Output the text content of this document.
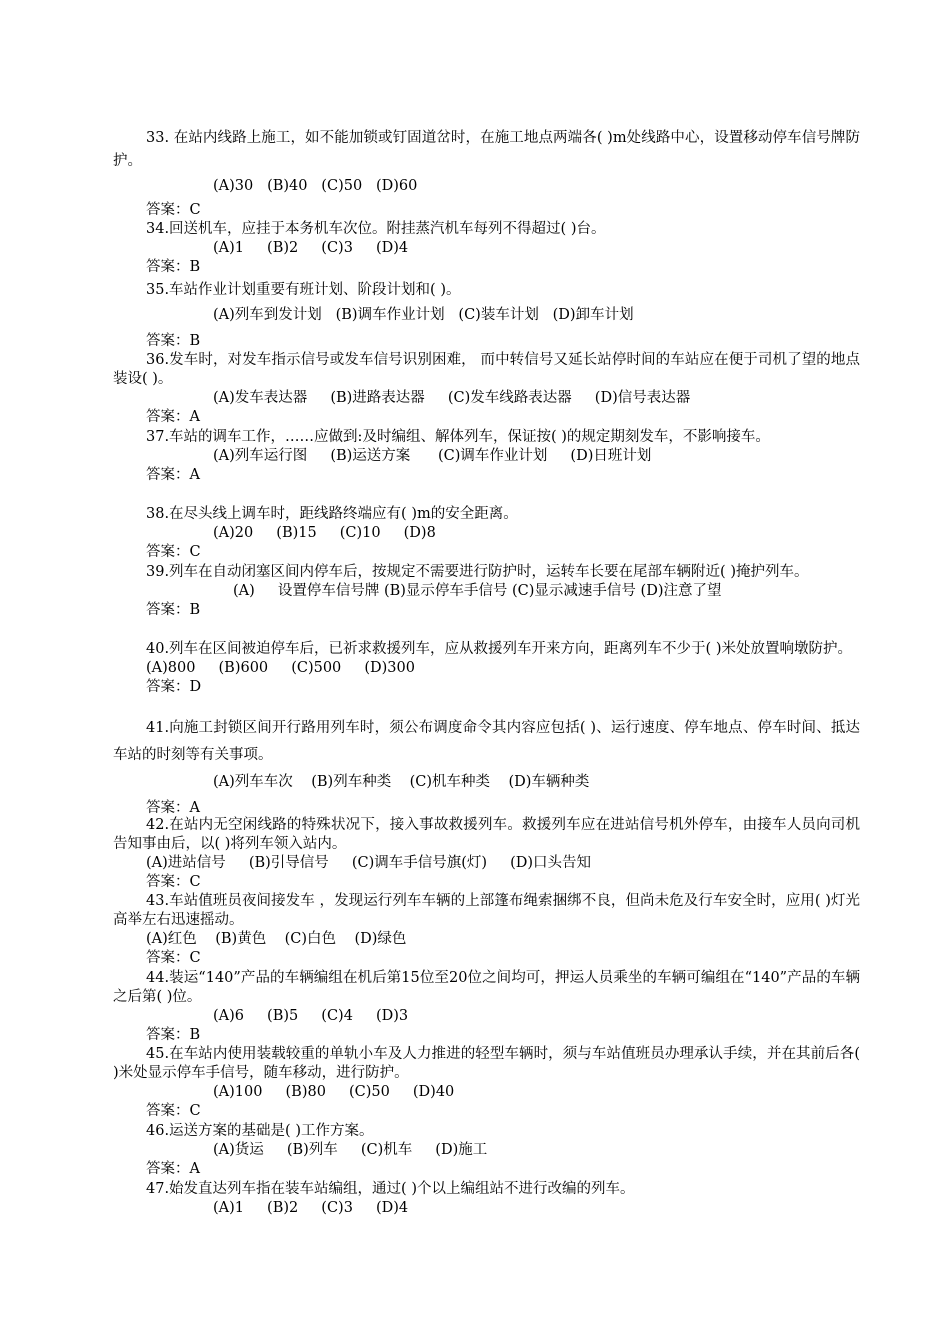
33. 在站内线路上施工，如不能加锁或钉固道岔时，在施工地点两端各( )m处线路中心，设置移动停车信号牌防护。

(A)30   (B)40   (C)50   (D)60

答案：C

34.回送机车，应挂于本务机车次位。附挂蒸汽机车每列不得超过( )台。

(A)1     (B)2     (C)3     (D)4

答案：B

35.车站作业计划重要有班计划、阶段计划和( )。

(A)列车到发计划   (B)调车作业计划   (C)装车计划   (D)卸车计划

答案：B

36.发车时，对发车指示信号或发车信号识别困难， 而中转信号又延长站停时间的车站应在便于司机了望的地点装设( )。

(A)发车表达器     (B)进路表达器     (C)发车线路表达器     (D)信号表达器

答案：A

37.车站的调车工作，……应做到:及时编组、解体列车，保证按( )的规定期刻发车，不影响接车。

(A)列车运行图     (B)运送方案      (C)调车作业计划     (D)日班计划

答案：A

38.在尽头线上调车时，距线路终端应有( )m的安全距离。

(A)20     (B)15     (C)10     (D)8

答案：C

39.列车在自动闭塞区间内停车后，按规定不需要进行防护时，运转车长要在尾部车辆附近( )掩护列车。

(A)     设置停车信号牌 (B)显示停车手信号 (C)显示减速手信号 (D)注意了望

答案：B

40.列车在区间被迫停车后，已祈求救援列车，应从救援列车开来方向，距离列车不少于( )米处放置响墩防护。

(A)800     (B)600     (C)500     (D)300

答案：D

41.向施工封锁区间开行路用列车时，须公布调度命令其内容应包括( )、运行速度、停车地点、停车时间、抵达车站的时刻等有关事项。

(A)列车车次    (B)列车种类    (C)机车种类    (D)车辆种类

答案：A

42.在站内无空闲线路的特殊状况下，接入事故救援列车。救援列车应在进站信号机外停车，由接车人员向司机告知事由后，以( )将列车领入站内。

(A)进站信号     (B)引导信号     (C)调车手信号旗(灯)     (D)口头告知

答案：C

43.车站值班员夜间接发车 ，发现运行列车车辆的上部篷布绳索捆绑不良，但尚未危及行车安全时，应用( )灯光高举左右迅速摇动。

(A)红色    (B)黄色    (C)白色    (D)绿色

答案：C

44.装运“140”产品的车辆编组在机后第15位至20位之间均可，押运人员乘坐的车辆可编组在“140”产品的车辆之后第( )位。

(A)6     (B)5     (C)4     (D)3

答案：B

45.在车站内使用装载较重的单轨小车及人力推进的轻型车辆时，须与车站值班员办理承认手续，并在其前后各( )米处显示停车手信号，随车移动，进行防护。

(A)100     (B)80     (C)50     (D)40

答案：C

46.运送方案的基础是( )工作方案。

(A)货运     (B)列车     (C)机车     (D)施工

答案：A

47.始发直达列车指在装车站编组，通过( )个以上编组站不进行改编的列车。

(A)1     (B)2     (C)3     (D)4
